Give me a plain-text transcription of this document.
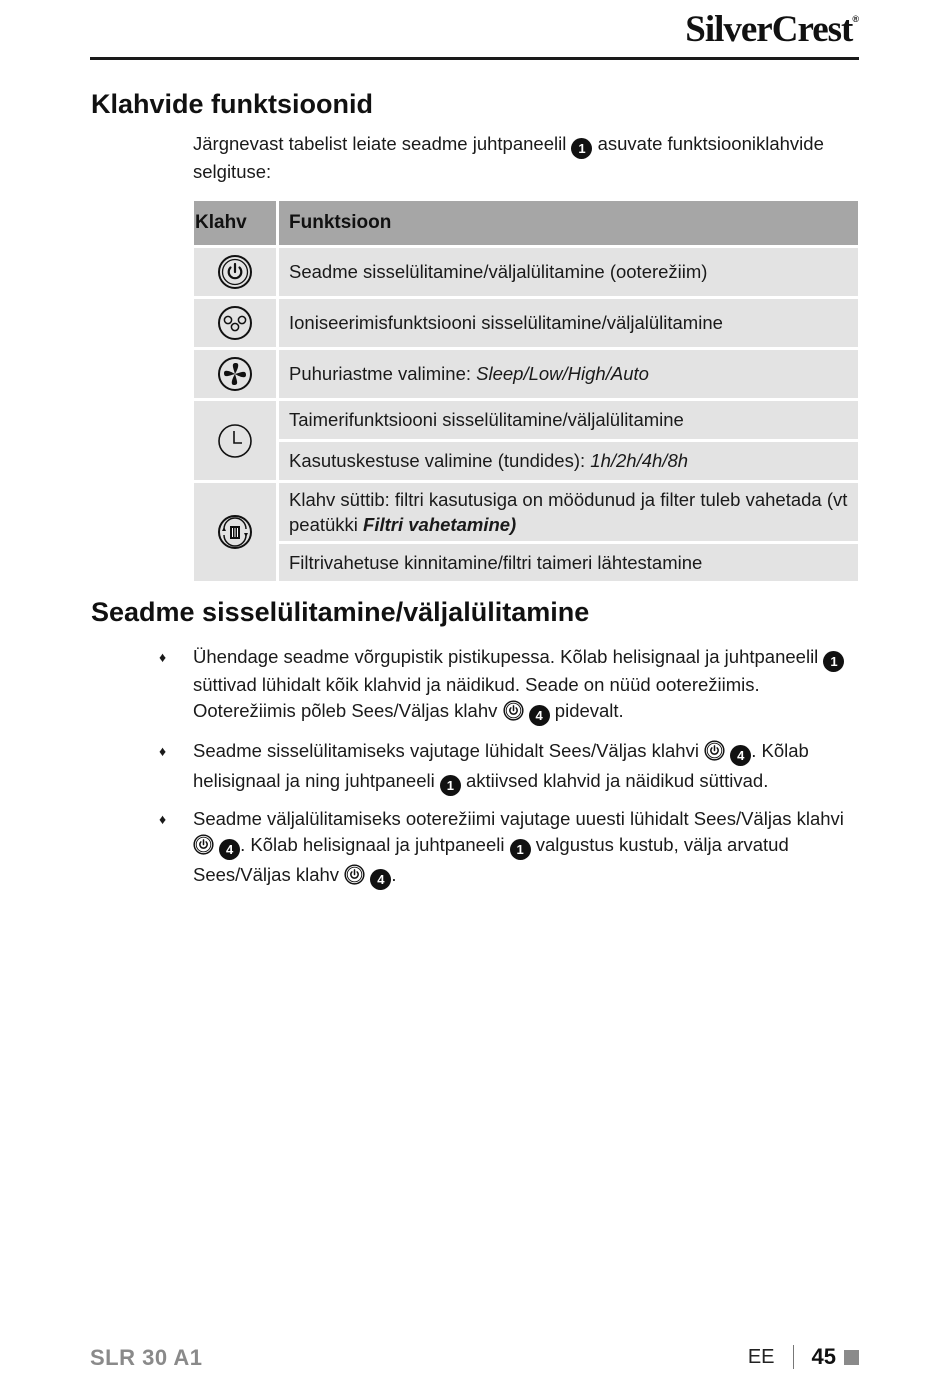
SilverCrest®
Klahvide funktsioonid
Järgnevast tabelist leiate seadme juhtpaneelil 1 asuvate funktsiooniklahvide selgituse:
Klahv	Funktsioon

	Seadme sisselülitamine/väljalülitamine (ooterežiim)

	Ioniseerimisfunktsiooni sisselülitamine/väljalülitamine

	Puhuriastme valimine: Sleep/Low/High/Auto

	Taimerifunktsiooni sisselülitamine/väljalülitamine
	Kasutuskestuse valimine (tundides): 1h/2h/4h/8h

	Klahv süttib: filtri kasutusiga on möödunud ja filter tuleb vahetada (vt peatükki Filtri vahetamine)
	Filtrivahetuse kinnitamine/filtri taimeri lähtestamine
Seadme sisselülitamine/väljalülitamine
♦ Ühendage seadme võrgupistik pistikupessa. Kõlab helisignaal ja juhtpaneelil 1 süttivad lühidalt kõik klahvid ja näidikud. Seade on nüüd ooterežiimis. Ooterežiimis põleb Sees/Väljas klahv	4 pidevalt.
♦ Seadme sisselülitamiseks vajutage lühidalt Sees/Väljas klahvi	4 . Kõlab helisignaal ja ning juhtpaneeli 1 aktiivsed klahvid ja näidikud süttivad.
♦ Seadme väljalülitamiseks ooterežiimi vajutage uuesti lühidalt Sees/Väljas klahvi  4 . Kõlab helisignaal ja juhtpaneeli 1 valgustus kustub, välja arvatud Sees/Väljas klahv	4 .
SLR 30 A1	EE 45
